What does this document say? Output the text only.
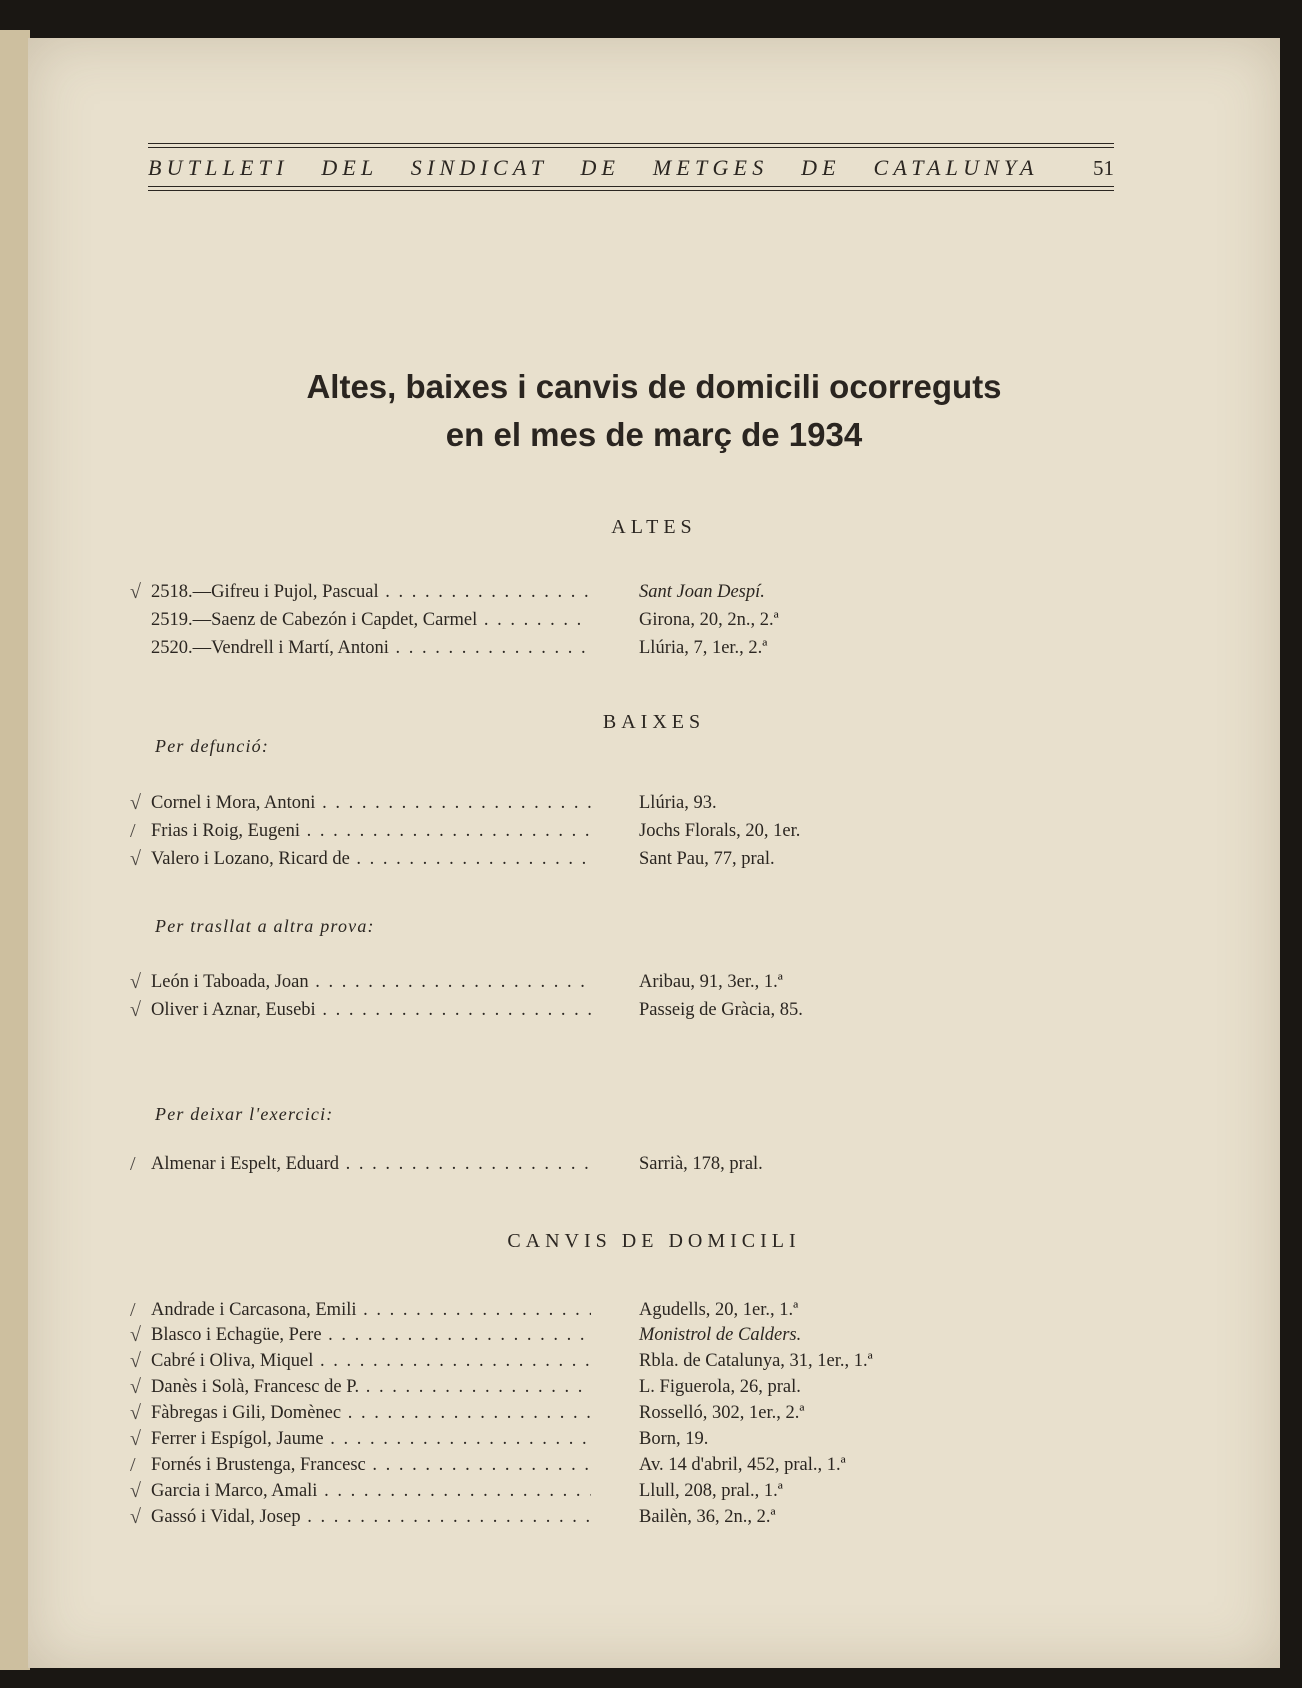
BUTLLETI DEL SINDICAT DE METGES DE CATALUNYA	51
Altes, baixes i canvis de domicili ocorreguts
en el mes de març de 1934
ALTES
√ 2518.—Gifreu i Pujol, Pascual . . .	Sant Joan Despí.
2519.—Saenz de Cabezón i Capdet, Carmel . . .	Girona, 20, 2n., 2.ª
2520.—Vendrell i Martí, Antoni . . .	Llúria, 7, 1er., 2.ª
BAIXES
Per defunció:
√ Cornel i Mora, Antoni . . .	Llúria, 93.
/ Frias i Roig, Eugeni . . .	Jochs Florals, 20, 1er.
√ Valero i Lozano, Ricard de . . .	Sant Pau, 77, pral.
Per trasllat a altra prova:
√ León i Taboada, Joan . . .	Aribau, 91, 3er., 1.ª
√ Oliver i Aznar, Eusebi . . .	Passeig de Gràcia, 85.
Per deixar l'exercici:
/ Almenar i Espelt, Eduard . . .	Sarrià, 178, pral.
CANVIS DE DOMICILI
/ Andrade i Carcasona, Emili . . .	Agudells, 20, 1er., 1.ª
√ Blasco i Echagüe, Pere . . .	Monistrol de Calders.
√ Cabré i Oliva, Miquel . . .	Rbla. de Catalunya, 31, 1er., 1.ª
√ Danès i Solà, Francesc de P. . . .	L. Figuerola, 26, pral.
√ Fàbregas i Gili, Domènec . . .	Rosselló, 302, 1er., 2.ª
√ Ferrer i Espígol, Jaume . . .	Born, 19.
/ Fornés i Brustenga, Francesc . . .	Av. 14 d'abril, 452, pral., 1.ª
√ Garcia i Marco, Amali . . .	Llull, 208, pral., 1.ª
√ Gassó i Vidal, Josep . . .	Bailèn, 36, 2n., 2.ª
